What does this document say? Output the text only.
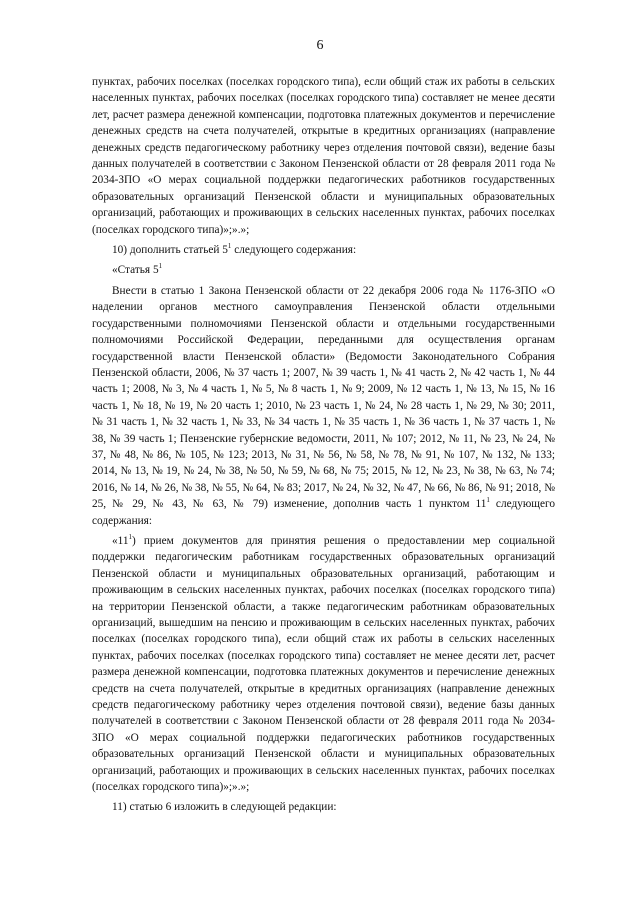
6

пунктах, рабочих поселках (поселках городского типа), если общий стаж их работы в сельских населенных пунктах, рабочих поселках (поселках городского типа) составляет не менее десяти лет, расчет размера денежной компенсации, подготовка платежных документов и перечисление денежных средств на счета получателей, открытые в кредитных организациях (направление денежных средств педагогическому работнику через отделения почтовой связи), ведение базы данных получателей в соответствии с Законом Пензенской области от 28 февраля 2011 года № 2034-ЗПО «О мерах социальной поддержки педагогических работников государственных образовательных организаций Пензенской области и муниципальных образовательных организаций, работающих и проживающих в сельских населенных пунктах, рабочих поселках (поселках городского типа)»;».»;

10) дополнить статьей $5^1$ следующего содержания:

«Статья $5^1$

Внести в статью 1 Закона Пензенской области от 22 декабря 2006 года № 1176-ЗПО «О наделении органов местного самоуправления Пензенской области отдельными государственными полномочиями Пензенской области и отдельными государственными полномочиями Российской Федерации, переданными для осуществления органам государственной власти Пензенской области» (Ведомости Законодательного Собрания Пензенской области, 2006, № 37 часть 1; 2007, № 39 часть 1, № 41 часть 2, № 42 часть 1, № 44 часть 1; 2008, № 3, № 4 часть 1, № 5, № 8 часть 1, № 9; 2009, № 12 часть 1, № 13, № 15, № 16 часть 1, № 18, № 19, № 20 часть 1; 2010, № 23 часть 1, № 24, № 28 часть 1, № 29, № 30; 2011, № 31 часть 1, № 32 часть 1, № 33, № 34 часть 1, № 35 часть 1, № 36 часть 1, № 37 часть 1, № 38, № 39 часть 1; Пензенские губернские ведомости, 2011, № 107; 2012, № 11, № 23, № 24, № 37, № 48, № 86, № 105, № 123; 2013, № 31, № 56, № 58, № 78, № 91, № 107, № 132, № 133; 2014, № 13, № 19, № 24, № 38, № 50, № 59, № 68, № 75; 2015, № 12, № 23, № 38, № 63, № 74; 2016, № 14, № 26, № 38, № 55, № 64, № 83; 2017, № 24, № 32, № 47, № 66, № 86, № 91; 2018, № 25, № 29, № 43, № 63, № 79) изменение, дополнив часть 1 пунктом $11^1$ следующего содержания:

«$11^1$) прием документов для принятия решения о предоставлении мер социальной поддержки педагогическим работникам государственных образовательных организаций Пензенской области и муниципальных образовательных организаций, работающим и проживающим в сельских населенных пунктах, рабочих поселках (поселках городского типа) на территории Пензенской области, а также педагогическим работникам образовательных организаций, вышедшим на пенсию и проживающим в сельских населенных пунктах, рабочих поселках (поселках городского типа), если общий стаж их работы в сельских населенных пунктах, рабочих поселках (поселках городского типа) составляет не менее десяти лет, расчет размера денежной компенсации, подготовка платежных документов и перечисление денежных средств на счета получателей, открытые в кредитных организациях (направление денежных средств педагогическому работнику через отделения почтовой связи), ведение базы данных получателей в соответствии с Законом Пензенской области от 28 февраля 2011 года № 2034-ЗПО «О мерах социальной поддержки педагогических работников государственных образовательных организаций Пензенской области и муниципальных образовательных организаций, работающих и проживающих в сельских населенных пунктах, рабочих поселках (поселках городского типа)»;».»;

11) статью 6 изложить в следующей редакции:
